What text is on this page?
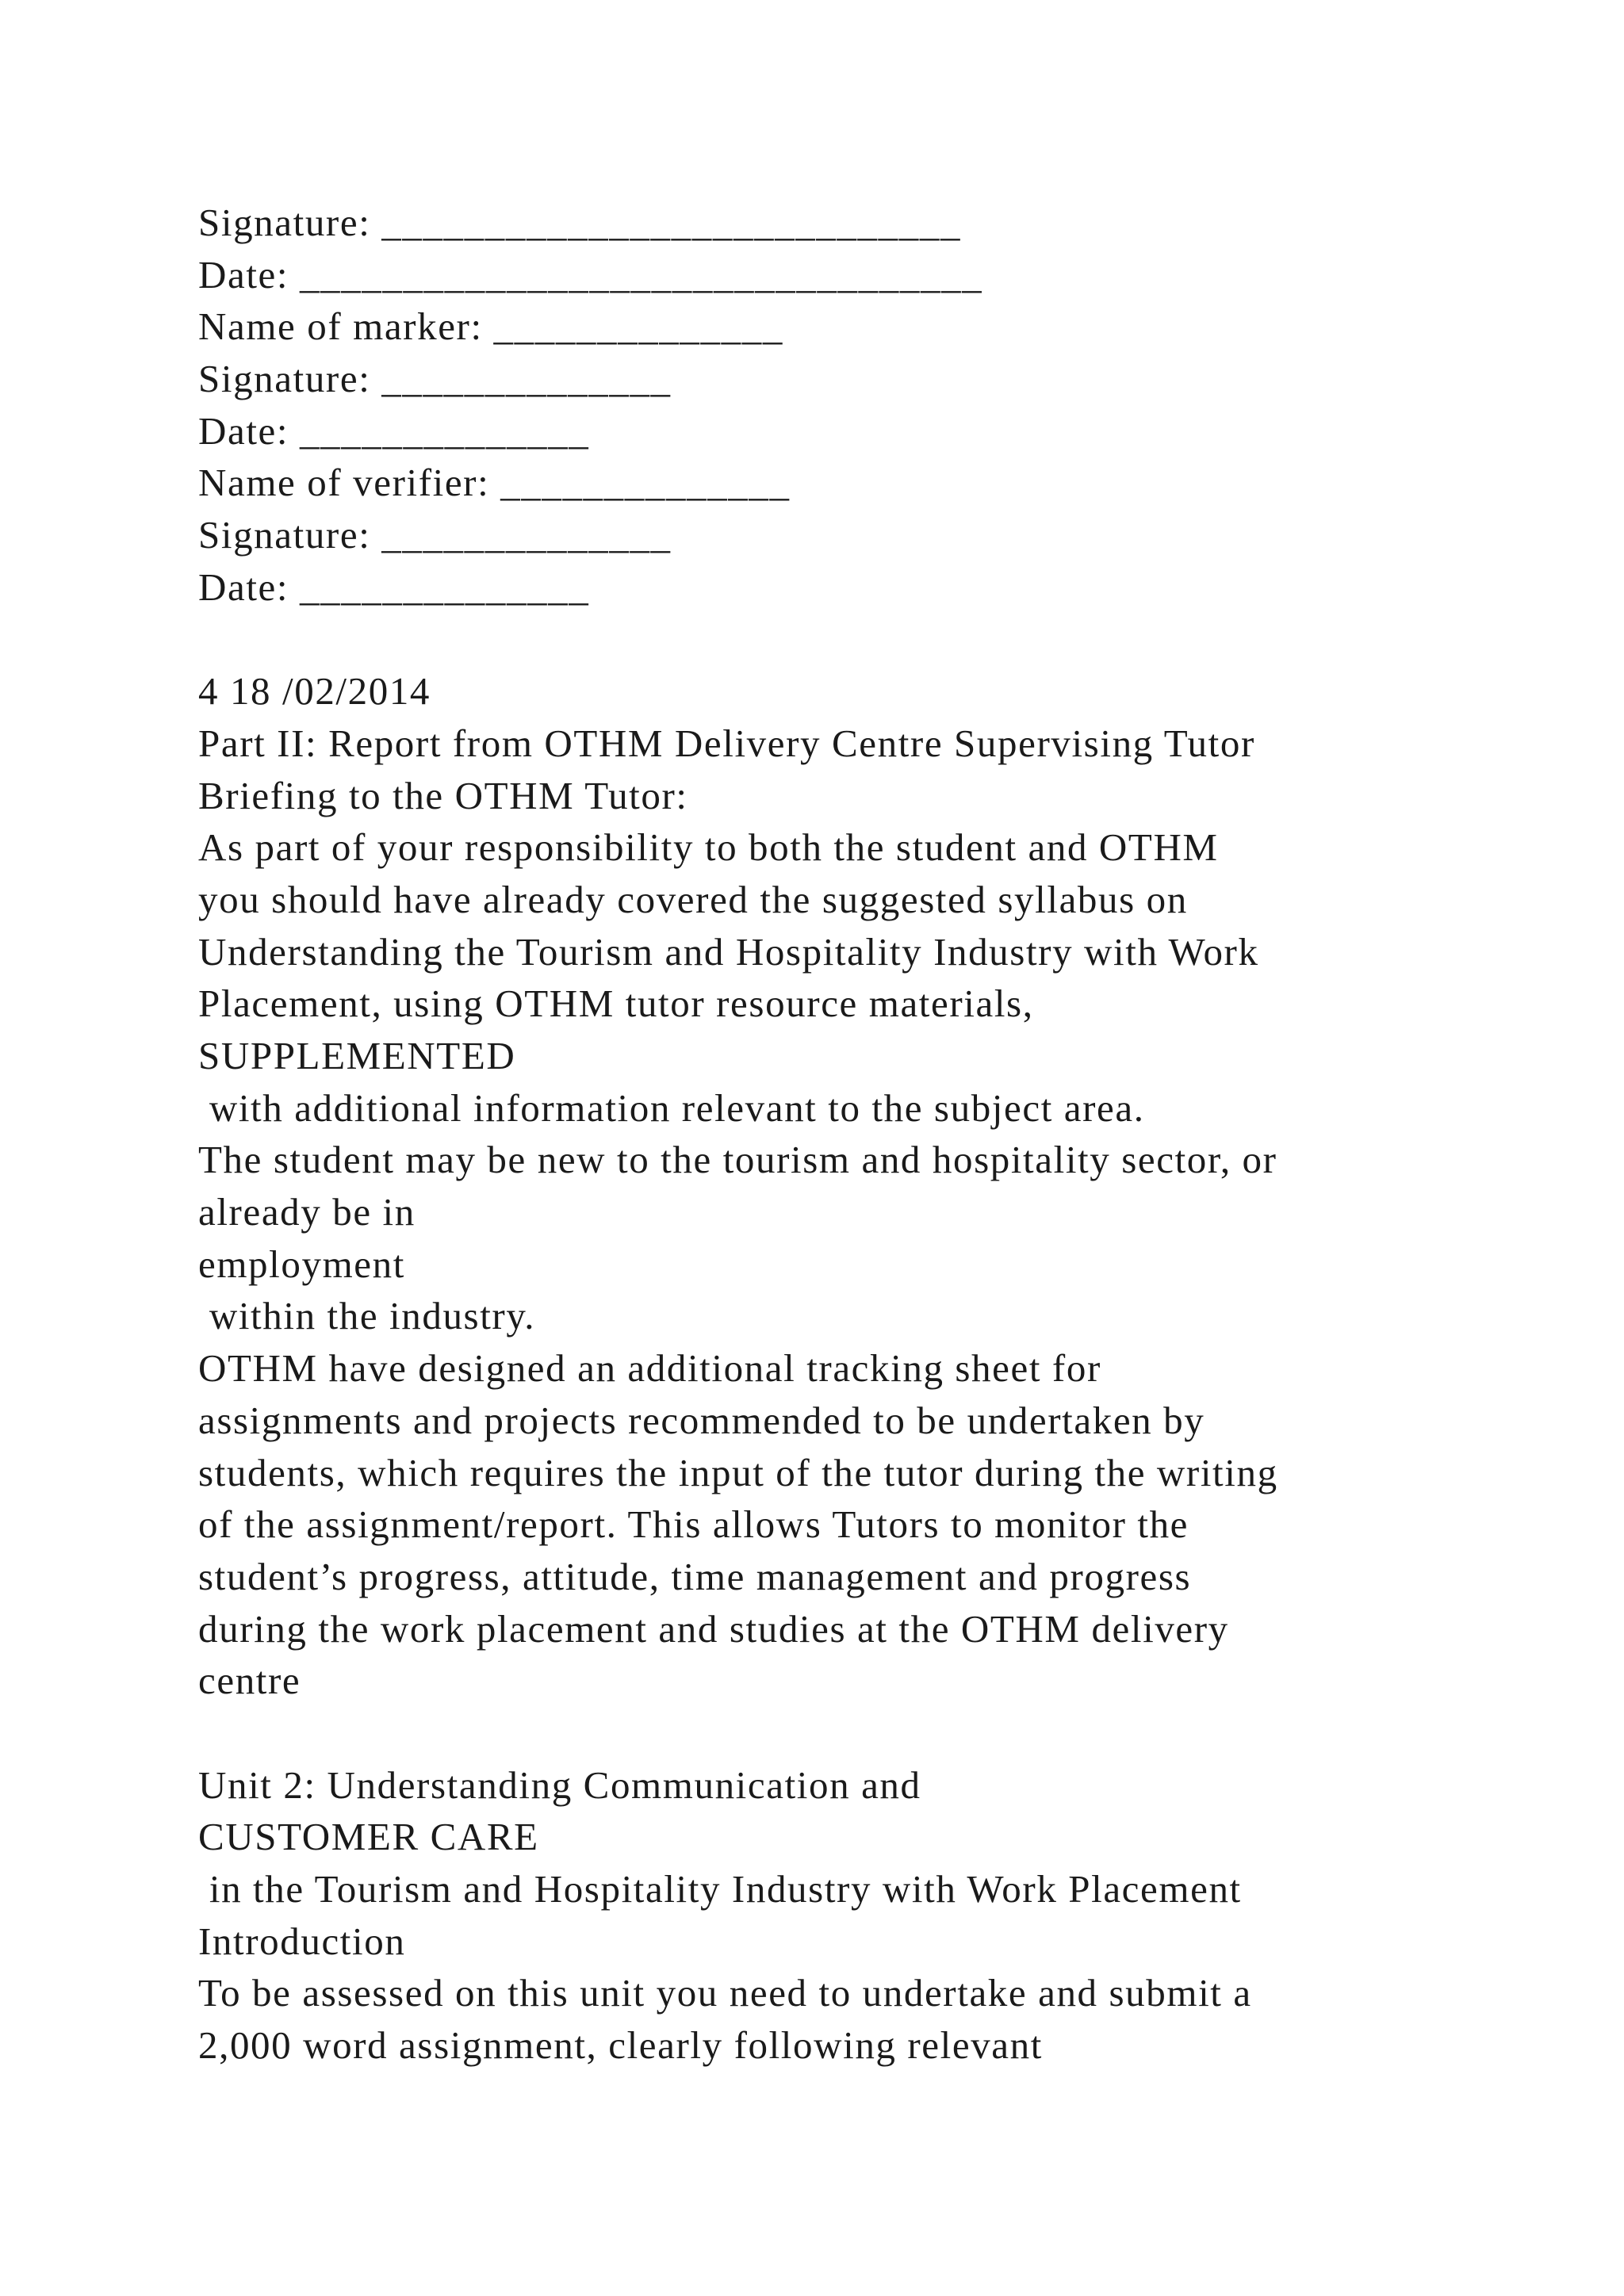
Signature: ____________________________
Date: _________________________________
Name of marker: ______________
Signature: ______________
Date: ______________
Name of verifier: ______________
Signature: ______________
Date: ______________
4 18 /02/2014
Part II: Report from OTHM Delivery Centre Supervising Tutor
Briefing to the OTHM Tutor:
As part of your responsibility to both the student and OTHM
you should have already covered the suggested syllabus on
Understanding the Tourism and Hospitality Industry with Work
Placement, using OTHM tutor resource materials,
SUPPLEMENTED
with additional information relevant to the subject area.
The student may be new to the tourism and hospitality sector, or
already be in
employment
within the industry.
OTHM have designed an additional tracking sheet for
assignments and projects recommended to be undertaken by
students, which requires the input of the tutor during the writing
of the assignment/report. This allows Tutors to monitor the
student’s progress, attitude, time management and progress
during the work placement and studies at the OTHM delivery
centre
Unit 2: Understanding Communication and
CUSTOMER CARE
in the Tourism and Hospitality Industry with Work Placement
Introduction
To be assessed on this unit you need to undertake and submit a
2,000 word assignment, clearly following relevant
